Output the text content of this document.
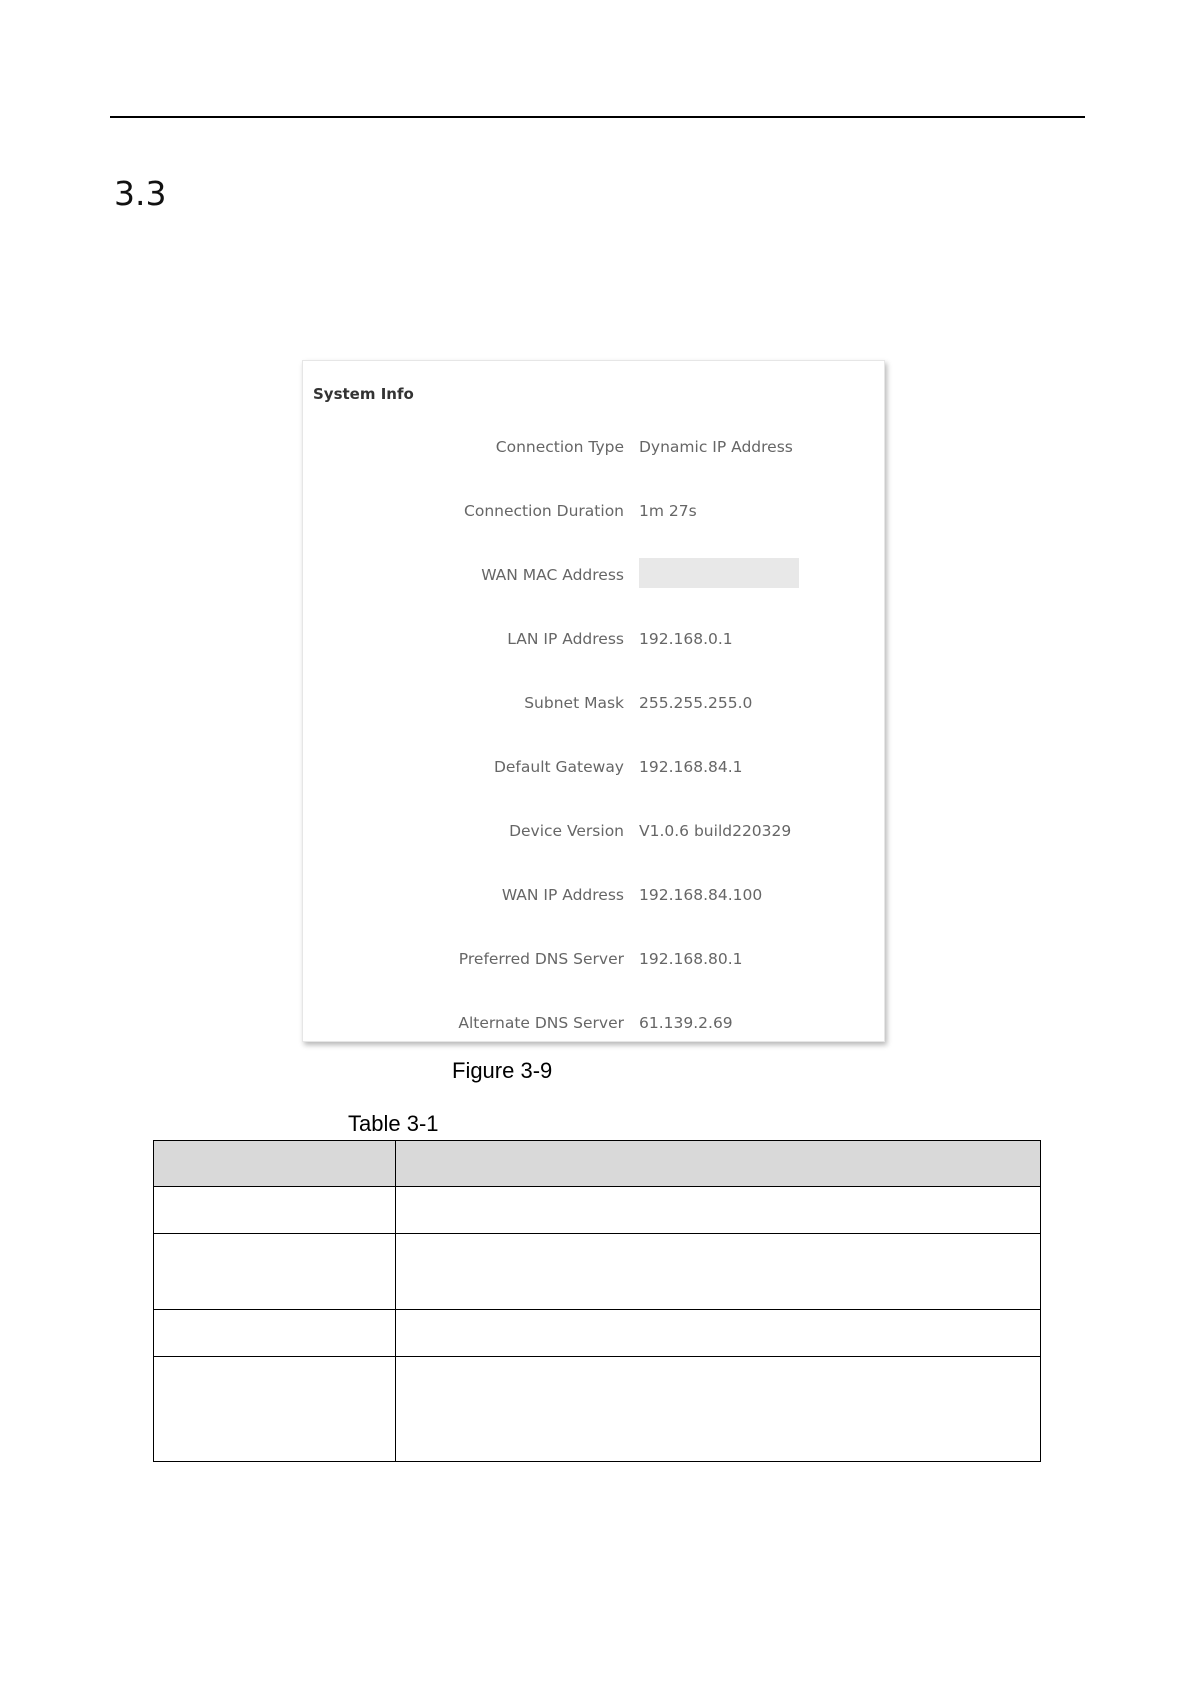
3.3
System Info
Connection Type Dynamic IP Address
Connection Duration 1m 27s
WAN MAC Address
LAN IP Address 192.168.0.1
Subnet Mask 255.255.255.0
Default Gateway 192.168.84.1
Device Version V1.0.6 build220329
WAN IP Address 192.168.84.100
Preferred DNS Server 192.168.80.1
Alternate DNS Server 61.139.2.69
Figure 3-9
Table 3-1
